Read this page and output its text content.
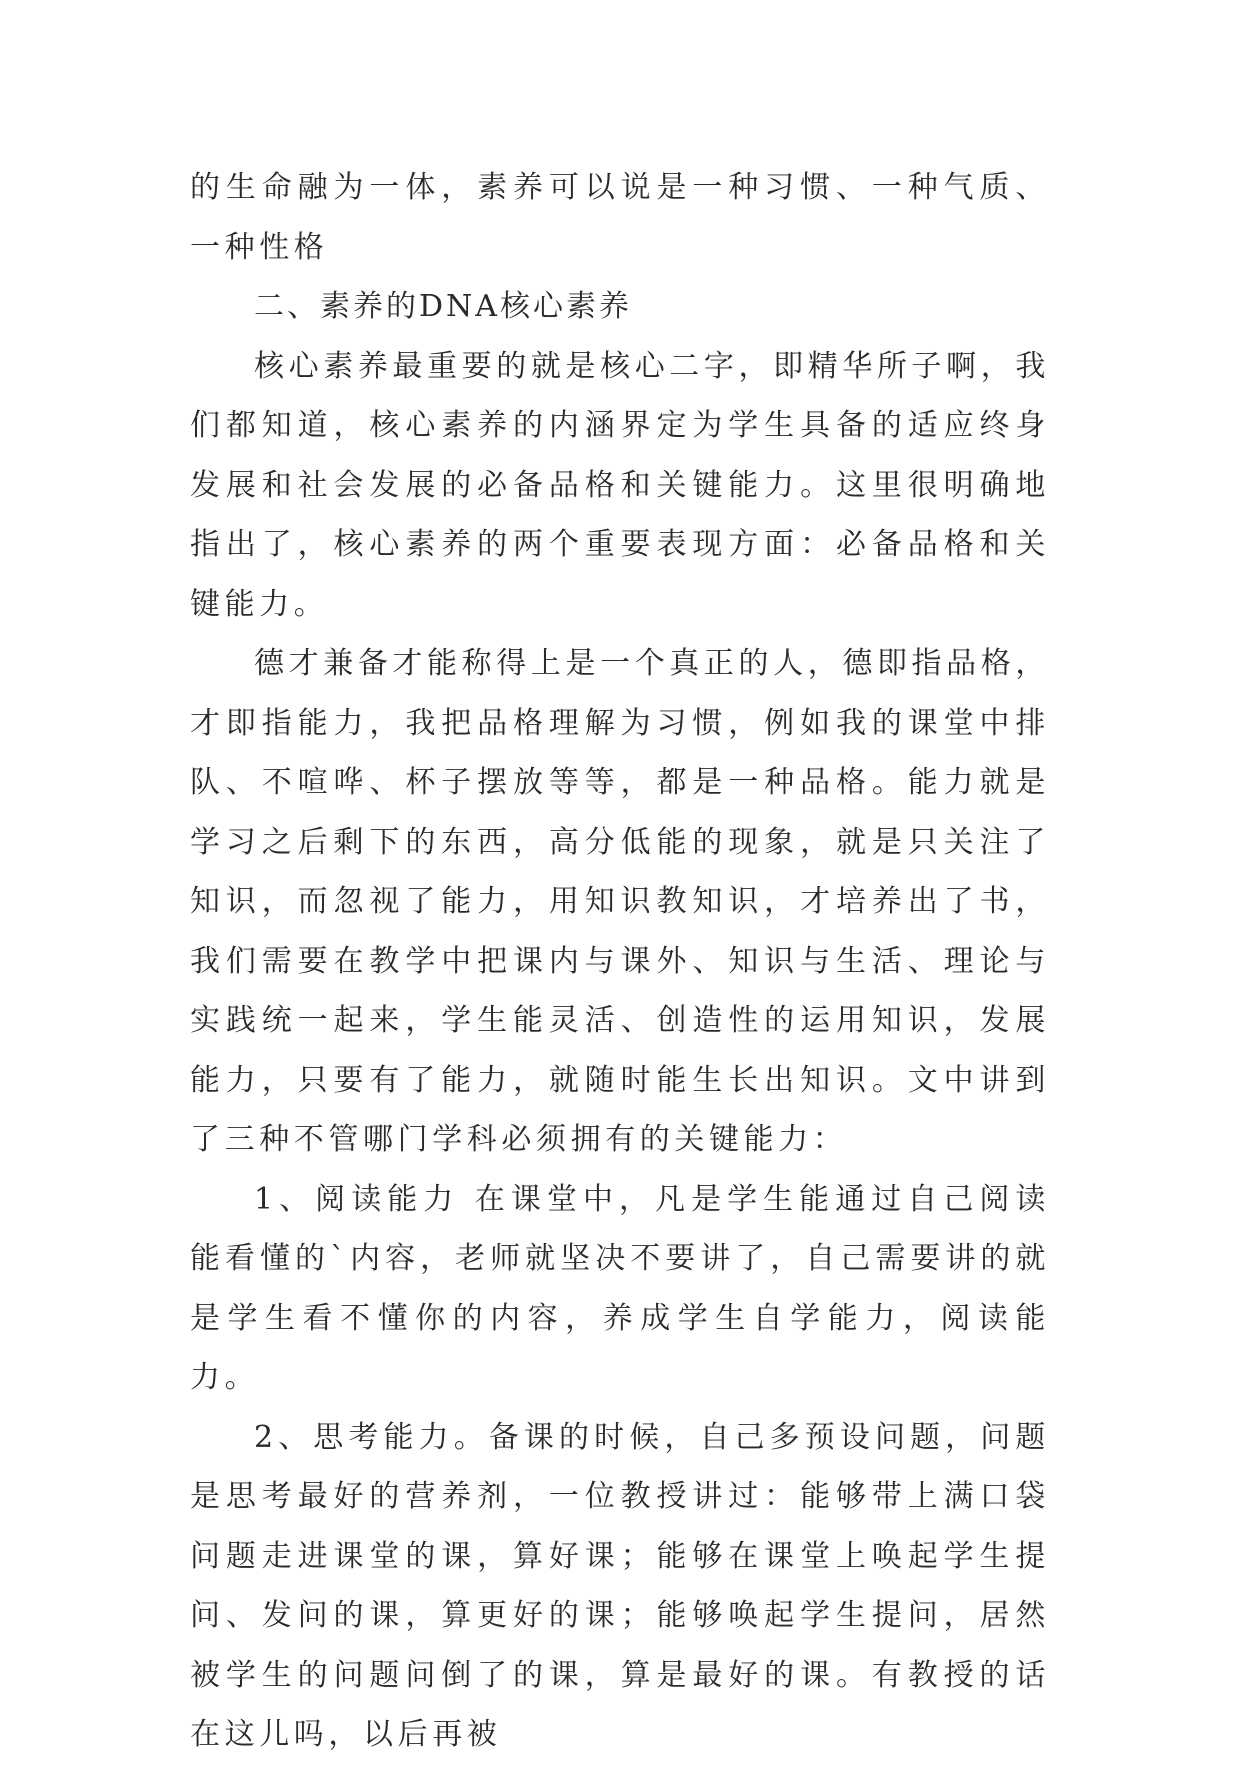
的生命融为一体，素养可以说是一种习惯、一种气质、一种性格

二、素养的DNA核心素养

核心素养最重要的就是核心二字，即精华所子啊，我们都知道，核心素养的内涵界定为学生具备的适应终身发展和社会发展的必备品格和关键能力。这里很明确地指出了，核心素养的两个重要表现方面：必备品格和关键能力。

德才兼备才能称得上是一个真正的人，德即指品格，才即指能力，我把品格理解为习惯，例如我的课堂中排队、不喧哗、杯子摆放等等，都是一种品格。能力就是学习之后剩下的东西，高分低能的现象，就是只关注了知识，而忽视了能力，用知识教知识，才培养出了书，我们需要在教学中把课内与课外、知识与生活、理论与实践统一起来，学生能灵活、创造性的运用知识，发展能力，只要有了能力，就随时能生长出知识。文中讲到了三种不管哪门学科必须拥有的关键能力：

1、阅读能力 在课堂中，凡是学生能通过自己阅读能看懂的`内容，老师就坚决不要讲了，自己需要讲的就是学生看不懂你的内容，养成学生自学能力，阅读能力。

2、思考能力。备课的时候，自己多预设问题，问题是思考最好的营养剂，一位教授讲过：能够带上满口袋问题走进课堂的课，算好课；能够在课堂上唤起学生提问、发问的课，算更好的课；能够唤起学生提问，居然被学生的问题问倒了的课，算是最好的课。有教授的话在这儿吗，以后再被
